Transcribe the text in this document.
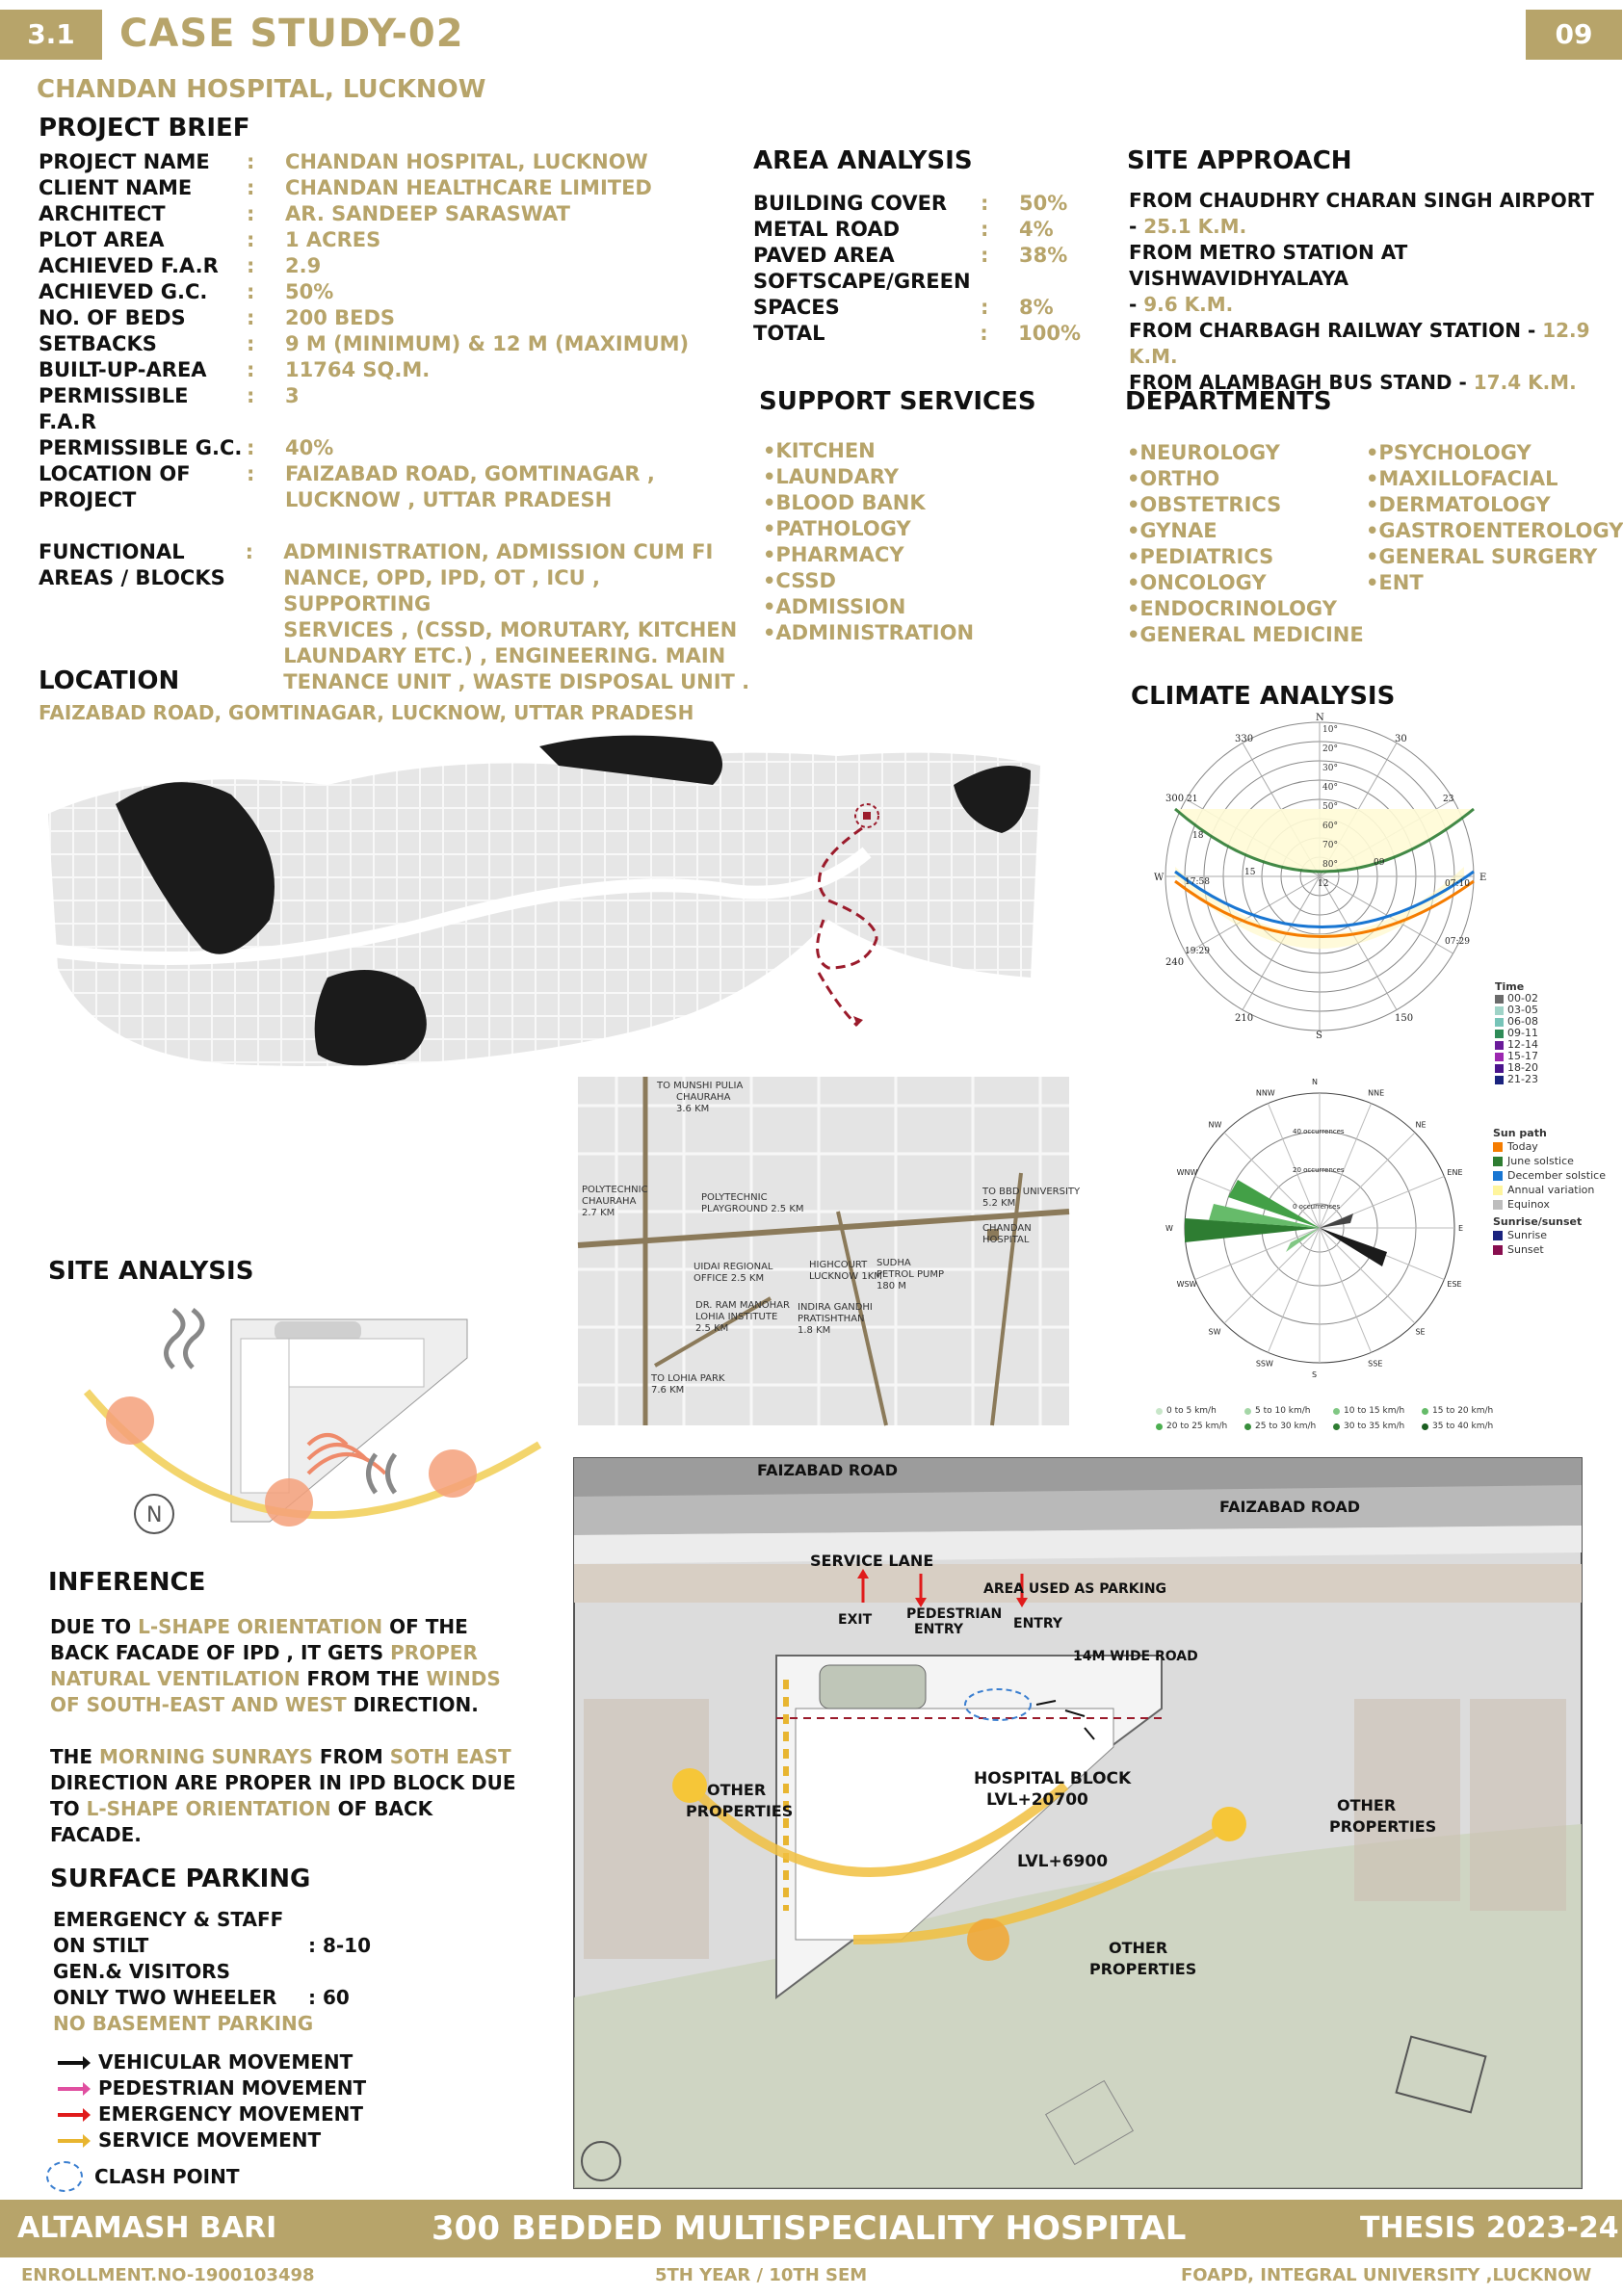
3.1	CASE STUDY-02	09
CHANDAN HOSPITAL, LUCKNOW
PROJECT BRIEF
PROJECT NAME	:	CHANDAN HOSPITAL, LUCKNOW
CLIENT NAME	:	CHANDAN HEALTHCARE LIMITED
ARCHITECT	:	AR. SANDEEP SARASWAT
PLOT AREA	:	1 ACRES
ACHIEVED F.A.R	:	2.9
ACHIEVED G.C.	:	50%
NO. OF BEDS	:	200 BEDS
SETBACKS	:	9 M (MINIMUM) & 12 M (MAXIMUM)
BUILT-UP-AREA	:	11764 SQ.M.
PERMISSIBLE F.A.R
:	3
PERMISSIBLE G.C. :	40%
LOCATION OF
PROJECT
:	FAIZABAD ROAD, GOMTINAGAR ,
LUCKNOW , UTTAR PRADESH
FUNCTIONAL
AREAS / BLOCKS
:	ADMINISTRATION, ADMISSION CUM FI
NANCE, OPD, IPD, OT , ICU , SUPPORTING
SERVICES , (CSSD, MORUTARY, KITCHEN
LAUNDARY ETC.) , ENGINEERING. MAIN
TENANCE UNIT , WASTE DISPOSAL UNIT .
AREA ANALYSIS
BUILDING COVER	:	50%
METAL ROAD	:	4%
PAVED AREA	:	38%
SOFTSCAPE/GREEN
SPACES	:	8%
TOTAL	:	100%
SITE APPROACH
FROM CHAUDHRY CHARAN SINGH AIRPORT
- 25.1 K.M.
FROM METRO STATION AT VISHWAVIDHYALAYA
- 9.6 K.M.
FROM CHARBAGH RAILWAY STATION - 12.9 K.M.
FROM ALAMBAGH BUS STAND - 17.4 K.M.
SUPPORT SERVICES
•KITCHEN
•LAUNDARY
•BLOOD BANK
•PATHOLOGY
•PHARMACY
•CSSD
•ADMISSION
•ADMINISTRATION
DEPARTMENTS
•NEUROLOGY
•ORTHO
•OBSTETRICS
•GYNAE
•PEDIATRICS
•ONCOLOGY
•ENDOCRINOLOGY
•GENERAL MEDICINE
•PSYCHOLOGY
•MAXILLOFACIAL
•DERMATOLOGY
•GASTROENTEROLOGY
•GENERAL SURGERY
•ENT
LOCATION
FAIZABAD ROAD, GOMTINAGAR, LUCKNOW, UTTAR PRADESH
CLIMATE ANALYSIS
N
S
E
W
330	30
300
240
210	150
10°
20°
30°
40°
50°
60°
70°
80°
21
18
15
12
09
23
17:58
19:29
07:10
07:29
Time
00-02
03-05
06-08
09-11
12-14
15-17
18-20
21-23
N
NNE
NE
ENE
E
ESE
SE
SSE
S
SSW
SW
WSW
W
WNW
NW
NNW
40 occurrences
20 occurrences
0 occurrences
Sun path
Today
June solstice
December solstice
Annual variation
Equinox
Sunrise/sunset
Sunrise
Sunset
0 to 5 km/h	5 to 10 km/h	10 to 15 km/h	15 to 20 km/h
20 to 25 km/h	25 to 30 km/h	30 to 35 km/h	35 to 40 km/h
TO MUNSHI PULIA CHAURAHA 3.6 KM
POLYTECHNIC CHAURAHA 2.7 KM
POLYTECHNIC PLAYGROUND 2.5 KM
TO BBD UNIVERSITY 5.2 KM
CHANDAN HOSPITAL
UIDAI REGIONAL OFFICE 2.5 KM
HIGHCOURT LUCKNOW 1KM
SUDHA PETROL PUMP 180 M
DR. RAM MANOHAR LOHIA INSTITUTE 2.5 KM
INDIRA GANDHI PRATISHTHAN 1.8 KM
TO LOHIA PARK 7.6 KM
SITE ANALYSIS
N
INFERENCE
DUE TO L-SHAPE ORIENTATION OF THE
BACK FACADE OF IPD , IT GETS PROPER
NATURAL VENTILATION FROM THE WINDS
OF SOUTH-EAST AND WEST DIRECTION.
THE MORNING SUNRAYS FROM SOTH EAST
DIRECTION ARE PROPER IN IPD BLOCK DUE
TO L-SHAPE ORIENTATION OF BACK
FACADE.
SURFACE PARKING
EMERGENCY & STAFF
ON STILT	: 8-10
GEN.& VISITORS
ONLY TWO WHEELER	: 60
NO BASEMENT PARKING
VEHICULAR MOVEMENT
PEDESTRIAN MOVEMENT
EMERGENCY MOVEMENT
SERVICE MOVEMENT
CLASH POINT
FAIZABAD ROAD
FAIZABAD ROAD
SERVICE LANE
AREA USED AS PARKING
EXIT	PEDESTRIAN
ENTRY	ENTRY
14M WIDE ROAD
HOSPITAL BLOCK
LVL+20700
LVL+6900
OTHER
PROPERTIES	OTHER
PROPERTIES
OTHER
PROPERTIES
ALTAMASH BARI	300 BEDDED MULTISPECIALITY HOSPITAL	THESIS 2023-24
ENROLLMENT.NO-1900103498	5TH YEAR / 10TH SEM	FOAPD, INTEGRAL UNIVERSITY ,LUCKNOW
